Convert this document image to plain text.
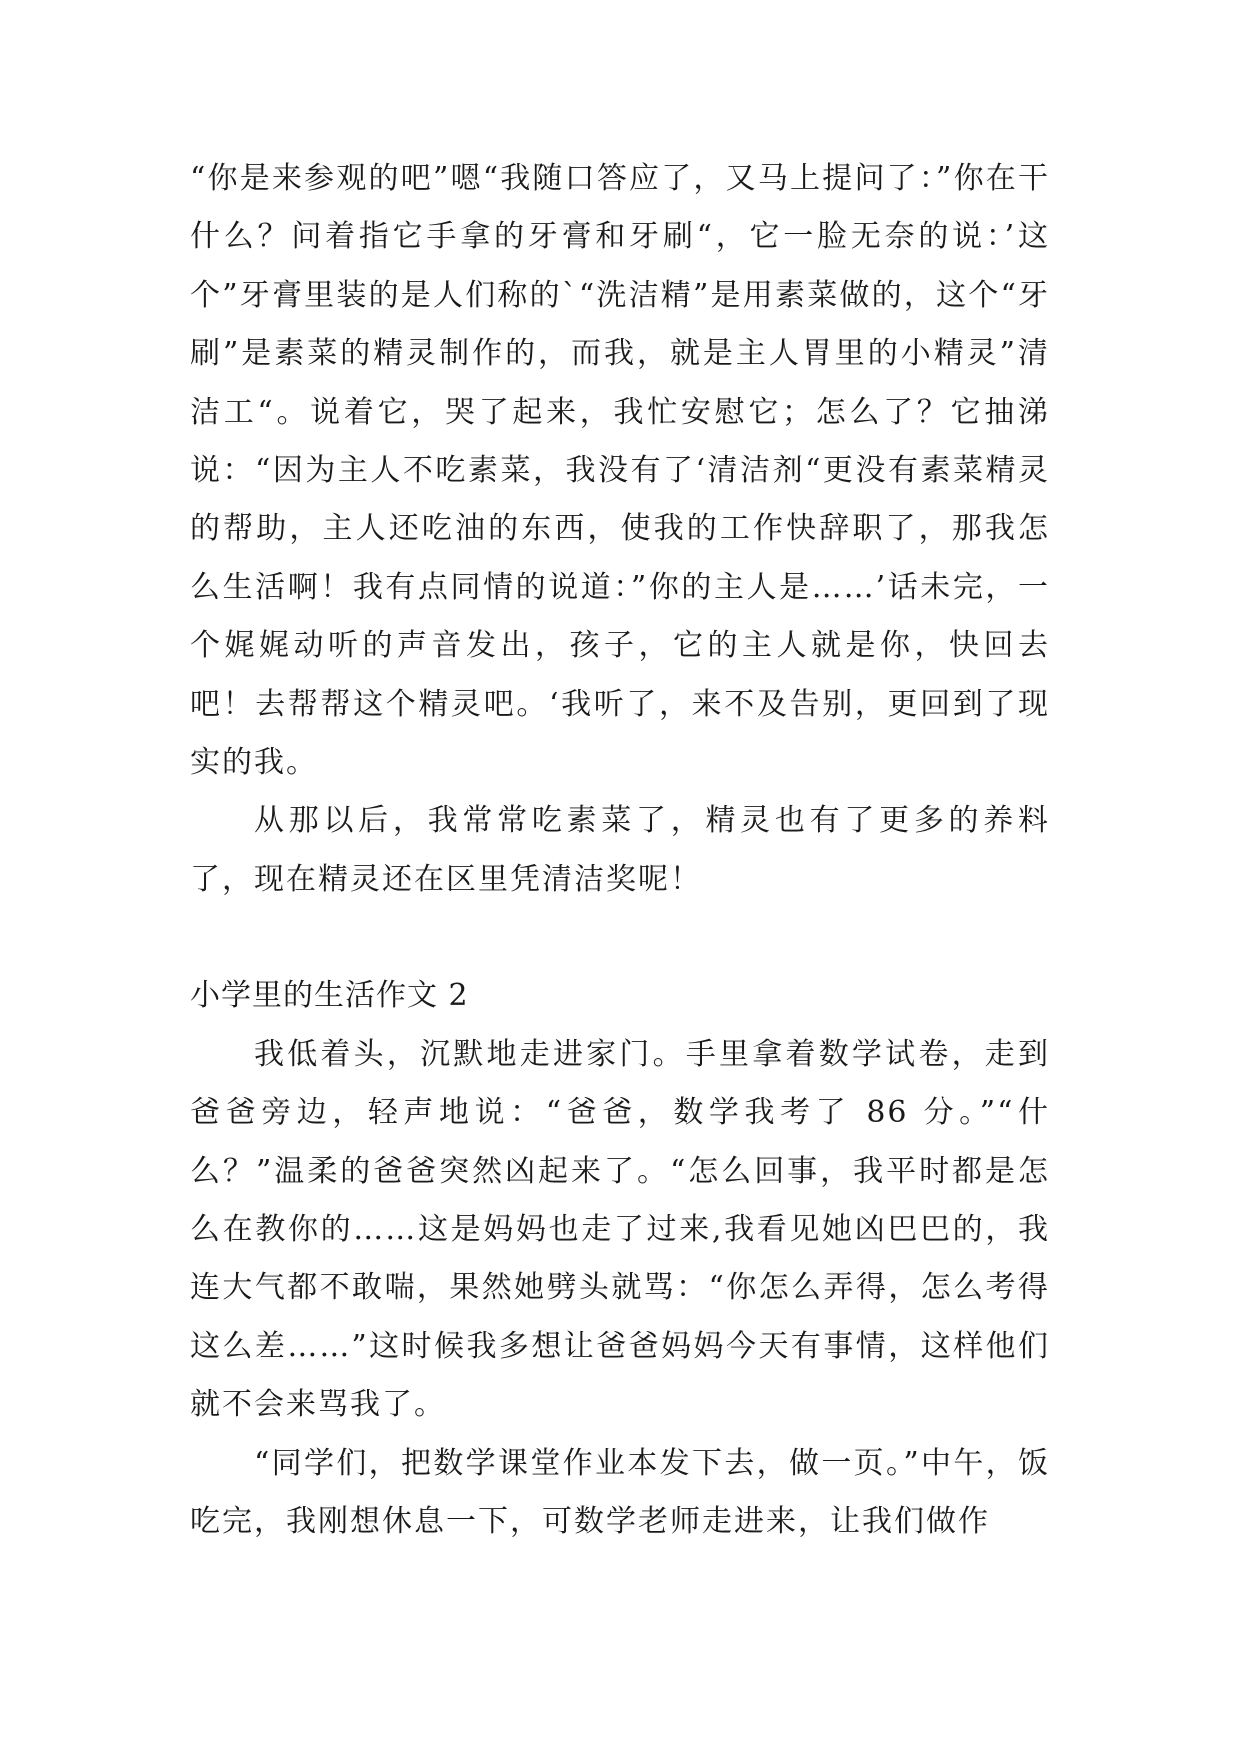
“你是来参观的吧”嗯“我随口答应了，又马上提问了：”你在干什么？问着指它手拿的牙膏和牙刷“，它一脸无奈的说：’这个”牙膏里装的是人们称的`“洗洁精”是用素菜做的，这个“牙刷”是素菜的精灵制作的，而我，就是主人胃里的小精灵”清洁工“。说着它，哭了起来，我忙安慰它；怎么了？它抽涕说：“因为主人不吃素菜，我没有了‘清洁剂“更没有素菜精灵的帮助，主人还吃油的东西，使我的工作快辞职了，那我怎么生活啊！我有点同情的说道：”你的主人是……’话未完，一个娓娓动听的声音发出，孩子，它的主人就是你，快回去吧！去帮帮这个精灵吧。‘我听了，来不及告别，更回到了现实的我。

从那以后，我常常吃素菜了，精灵也有了更多的养料了，现在精灵还在区里凭清洁奖呢！

小学里的生活作文 2

我低着头，沉默地走进家门。手里拿着数学试卷，走到爸爸旁边，轻声地说：“爸爸，数学我考了 86 分。”“什么？”温柔的爸爸突然凶起来了。“怎么回事，我平时都是怎么在教你的……这是妈妈也走了过来,我看见她凶巴巴的，我连大气都不敢喘，果然她劈头就骂：“你怎么弄得，怎么考得这么差……”这时候我多想让爸爸妈妈今天有事情，这样他们就不会来骂我了。

“同学们，把数学课堂作业本发下去，做一页。”中午，饭吃完，我刚想休息一下，可数学老师走进来，让我们做作
